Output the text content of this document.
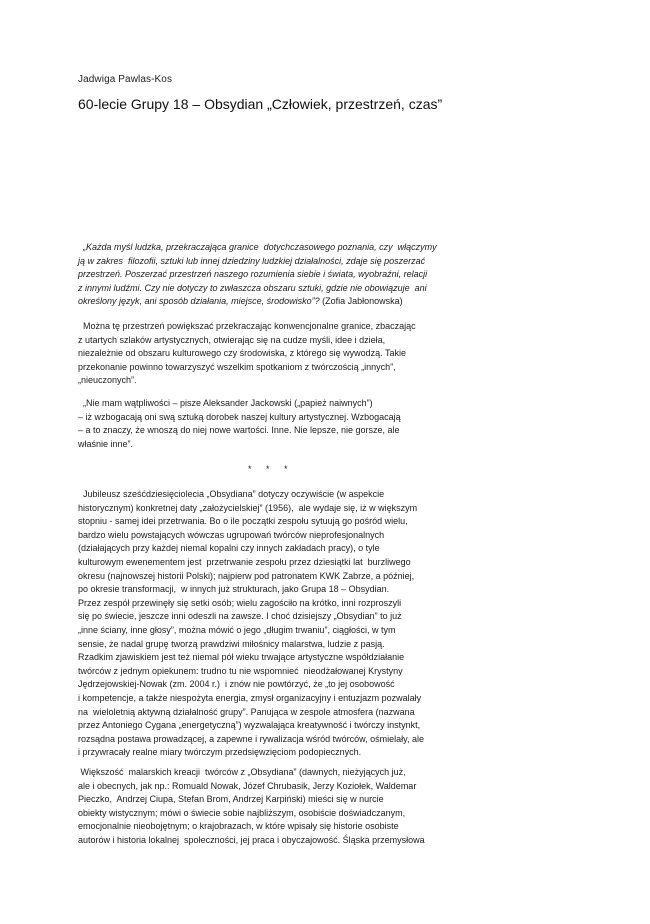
Jadwiga Pawlas-Kos
60-lecie Grupy 18 – Obsydian „Człowiek, przestrzeń, czas”
„Każda myśl ludzka, przekraczająca granice  dotychczasowego poznania, czy  włączymy
ją w zakres  filozofii, sztuki lub innej dziedziny ludzkiej działalności, zdaje się poszerzać
przestrzeń. Poszerzać przestrzeń naszego rozumienia siebie i świata, wyobraźni, relacji
z innymi ludźmi. Czy nie dotyczy to zwłaszcza obszaru sztuki, gdzie nie obowiązuje  ani
określony język, ani sposób działania, miejsce, środowisko”? (Zofia Jabłonowska)
Można tę przestrzeń powiększać przekraczając konwencjonalne granice, zbaczając
z utartych szlaków artystycznych, otwierając się na cudze myśli, idee i dzieła,
niezależnie od obszaru kulturowego czy środowiska, z którego się wywodzą. Takie
przekonanie powinno towarzyszyć wszelkim spotkaniom z twórczością „innych”,
„nieuczonych”.
„Nie mam wątpliwości – pisze Aleksander Jackowski („papież naiwnych”)
– iż wzbogacają oni swą sztuką dorobek naszej kultury artystycznej. Wzbogacają
– a to znaczy, że wnoszą do niej nowe wartości. Inne. Nie lepsze, nie gorsze, ale
właśnie inne”.
* * *
Jubileusz sześćdziesięciolecia „Obsydiana” dotyczy oczywiście (w aspekcie
historycznym) konkretnej daty „założycielskiej” (1956),  ale wydaje się, iż w większym
stopniu - samej idei przetrwania. Bo o ile początki zespołu sytuują go pośród wielu,
bardzo wielu powstających wówczas ugrupowań twórców nieprofesjonalnych
(działających przy każdej niemal kopalni czy innych zakładach pracy), o tyle
kulturowym ewenementem jest  przetrwanie zespołu przez dziesiątki lat  burzliwego
okresu (najnowszej historii Polski); najpierw pod patronatem KWK Zabrze, a później,
po okresie transformacji,  w innych już strukturach, jako Grupa 18 – Obsydian.
Przez zespół przewinęły się setki osób; wielu zagościło na krótko, inni rozproszyli
się po świecie, jeszcze inni odeszli na zawsze. I choć dzisiejszy „Obsydian” to już
„inne ściany, inne głosy”, można mówić o jego „długim trwaniu”, ciągłości, w tym
sensie, że nadal grupę tworzą prawdziwi miłośnicy malarstwa, ludzie z pasją.
Rzadkim zjawiskiem jest też niemal pół wieku trwające artystyczne współdziałanie
twórców z jednym opiekunem: trudno tu nie wspomnieć  nieodżałowanej Krystyny
Jędrzejowskiej-Nowak (zm. 2004 r.)  i znów nie powtórzyć, że „to jej osobowość
i kompetencje, a także niespożyta energia, zmysł organizacyjny i entuzjazm pozwalały
na  wieloletnią aktywną działalność grupy”. Panująca w zespole atmosfera (nazwana
przez Antoniego Cygana „energetyczną”) wyzwalająca kreatywność i twórczy instynkt,
rozsądna postawa prowadzącej, a zapewne i rywalizacja wśród twórców, ośmielały, ale
i przywracały realne miary twórczym przedsięwzięciom podopiecznych.
Większość  malarskich kreacji  twórców z „Obsydiana” (dawnych, nieżyjących już,
ale i obecnych, jak np.: Romuald Nowak, Józef Chrubasik, Jerzy Koziołek, Waldemar
Pieczko,  Andrzej Ciupa, Stefan Brom, Andrzej Karpiński) mieści się w nurcie
obiekty wistycznym; mówi o świecie sobie najbliższym, osobiście doświadczanym,
emocjonalnie nieobojętnym; o krajobrazach, w które wpisały się historie osobiste
autorów i historia lokalnej  społeczności, jej praca i obyczajowość. Śląska przemysłowa
